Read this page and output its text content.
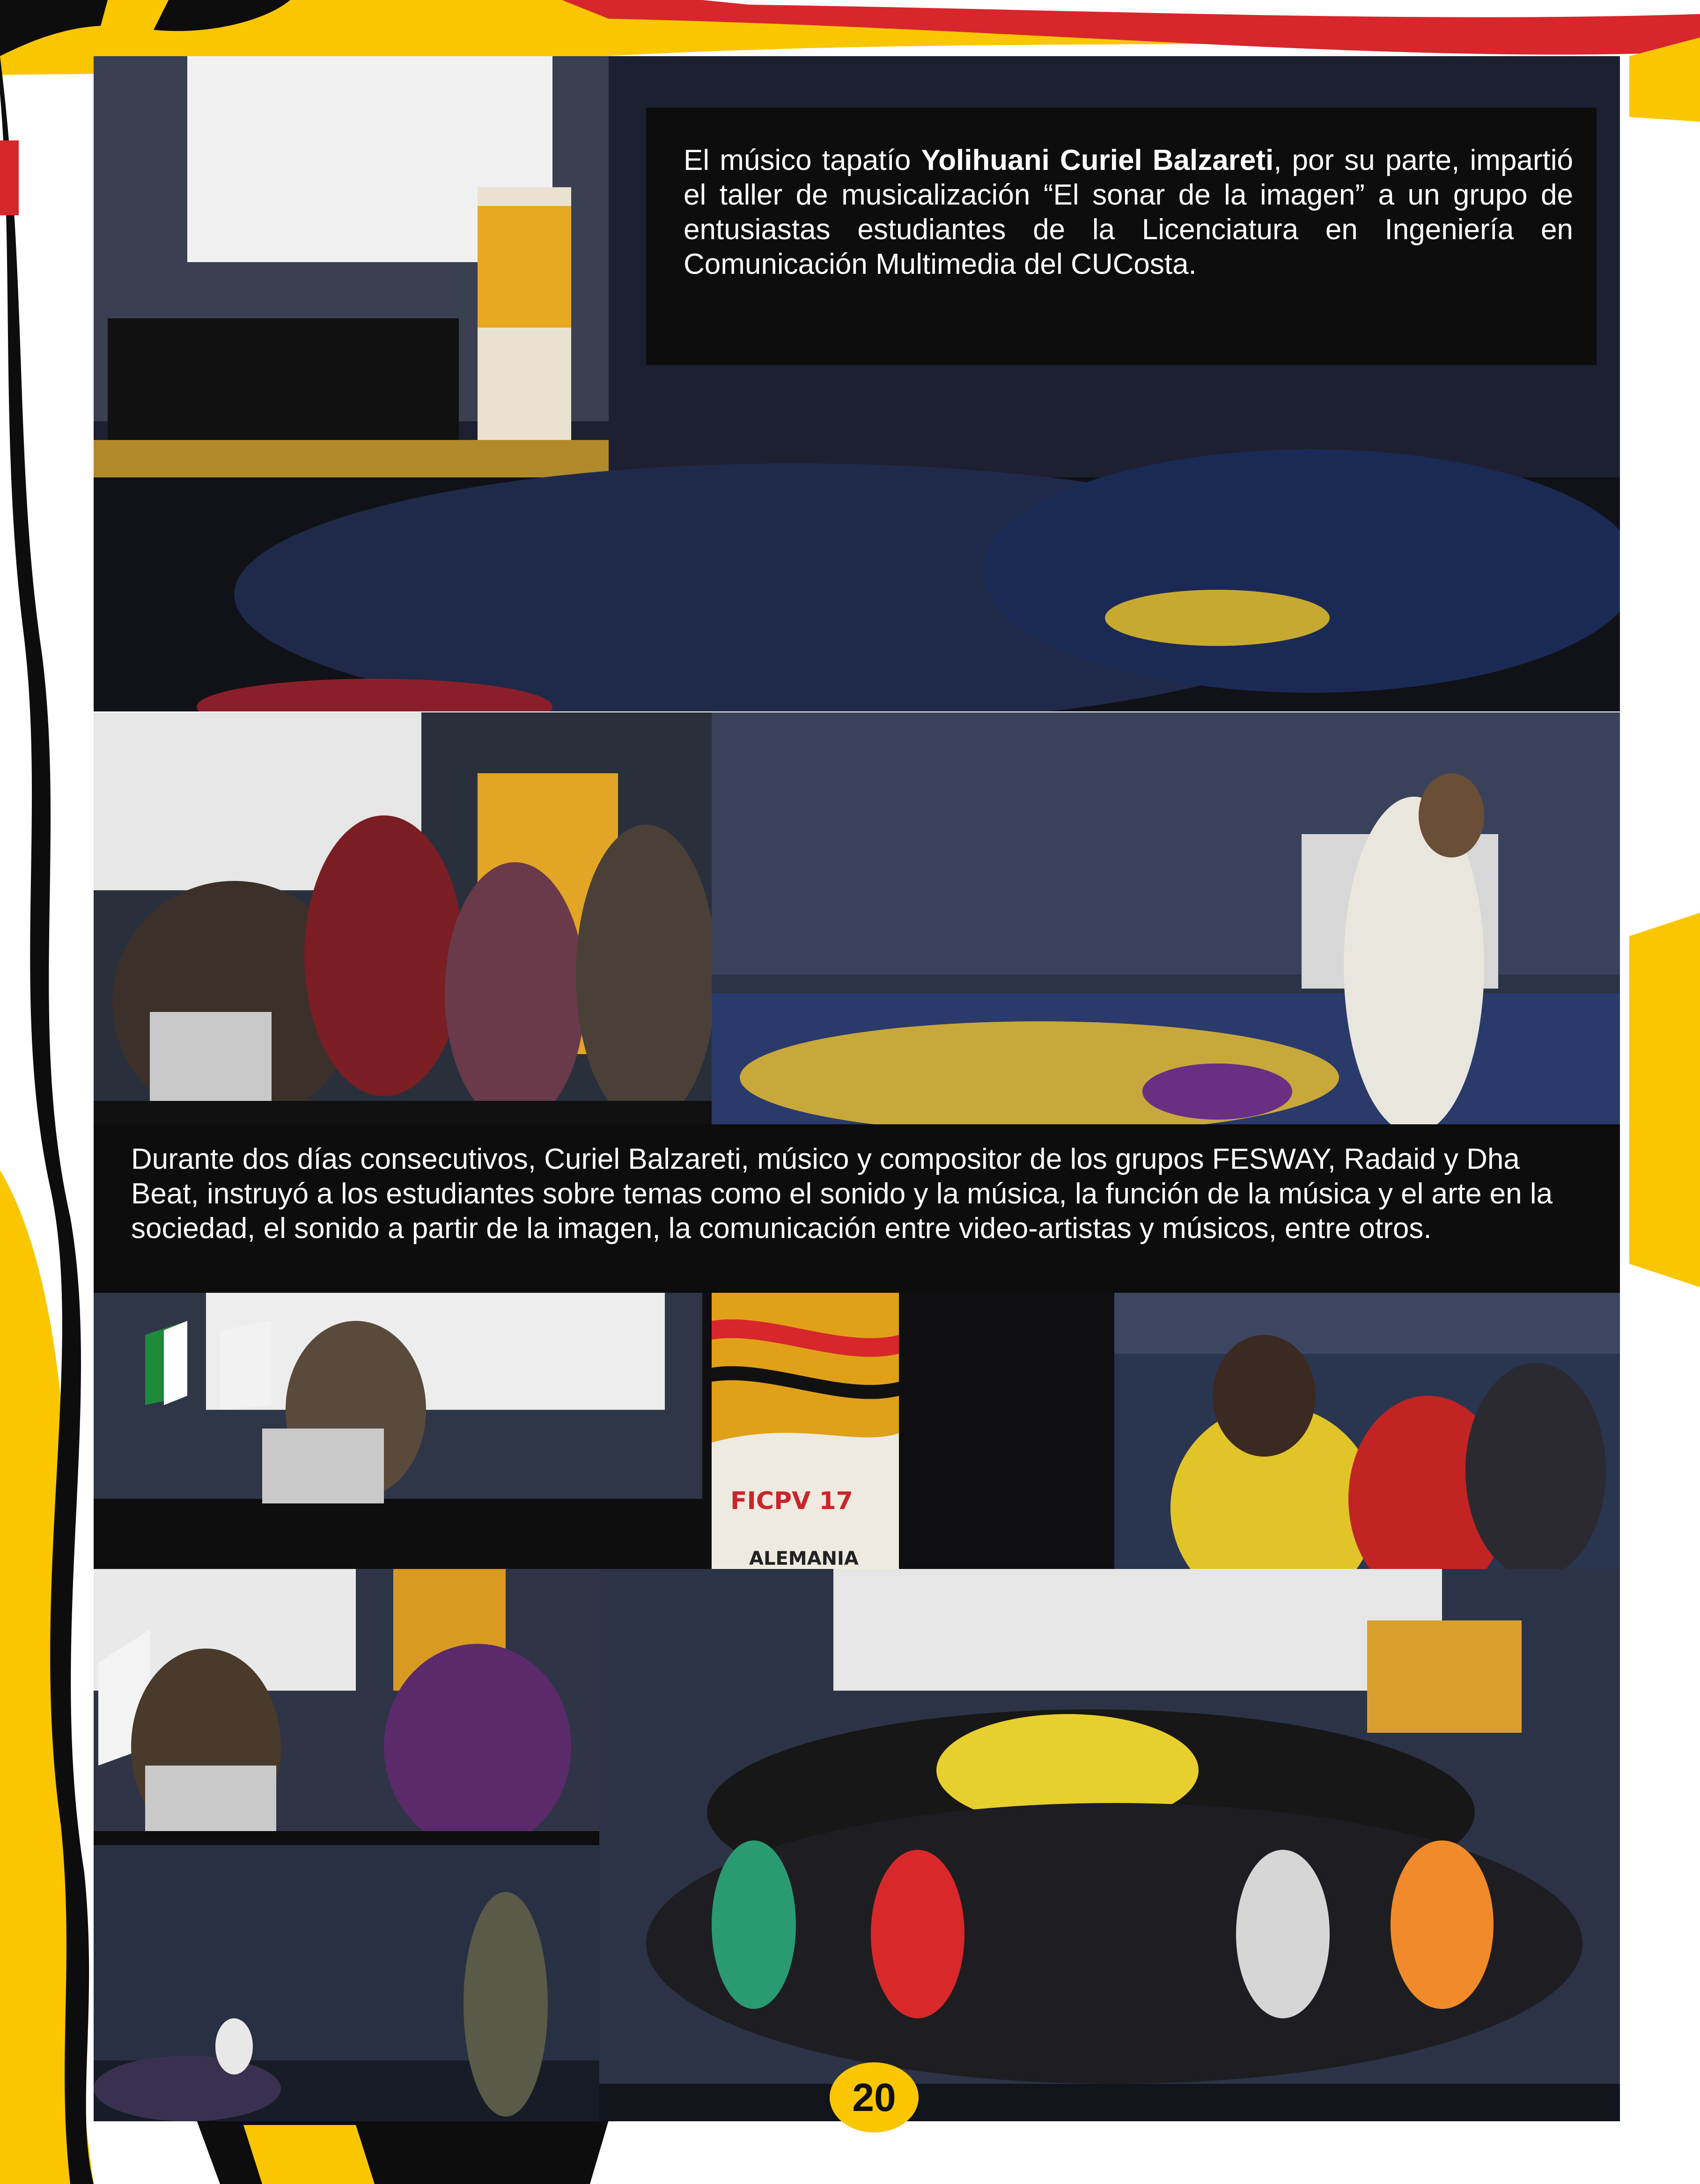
El músico tapatío Yolihuani Curiel Balzareti, por su parte, impartió el taller de musicalización “El sonar de la imagen” a un grupo de entusiastas estudiantes de la Licenciatura en Ingeniería en Comunicación Multimedia del CUCosta.
Durante dos días consecutivos, Curiel Balzareti, músico y compositor de los grupos FESWAY, Radaid y Dha Beat, instruyó a los estudiantes sobre temas como el sonido y la música, la función de la música y el arte en la sociedad, el sonido a partir de la imagen, la comunicación entre video-artistas y músicos, entre otros.
FICPV 17
ALEMANIA
20
